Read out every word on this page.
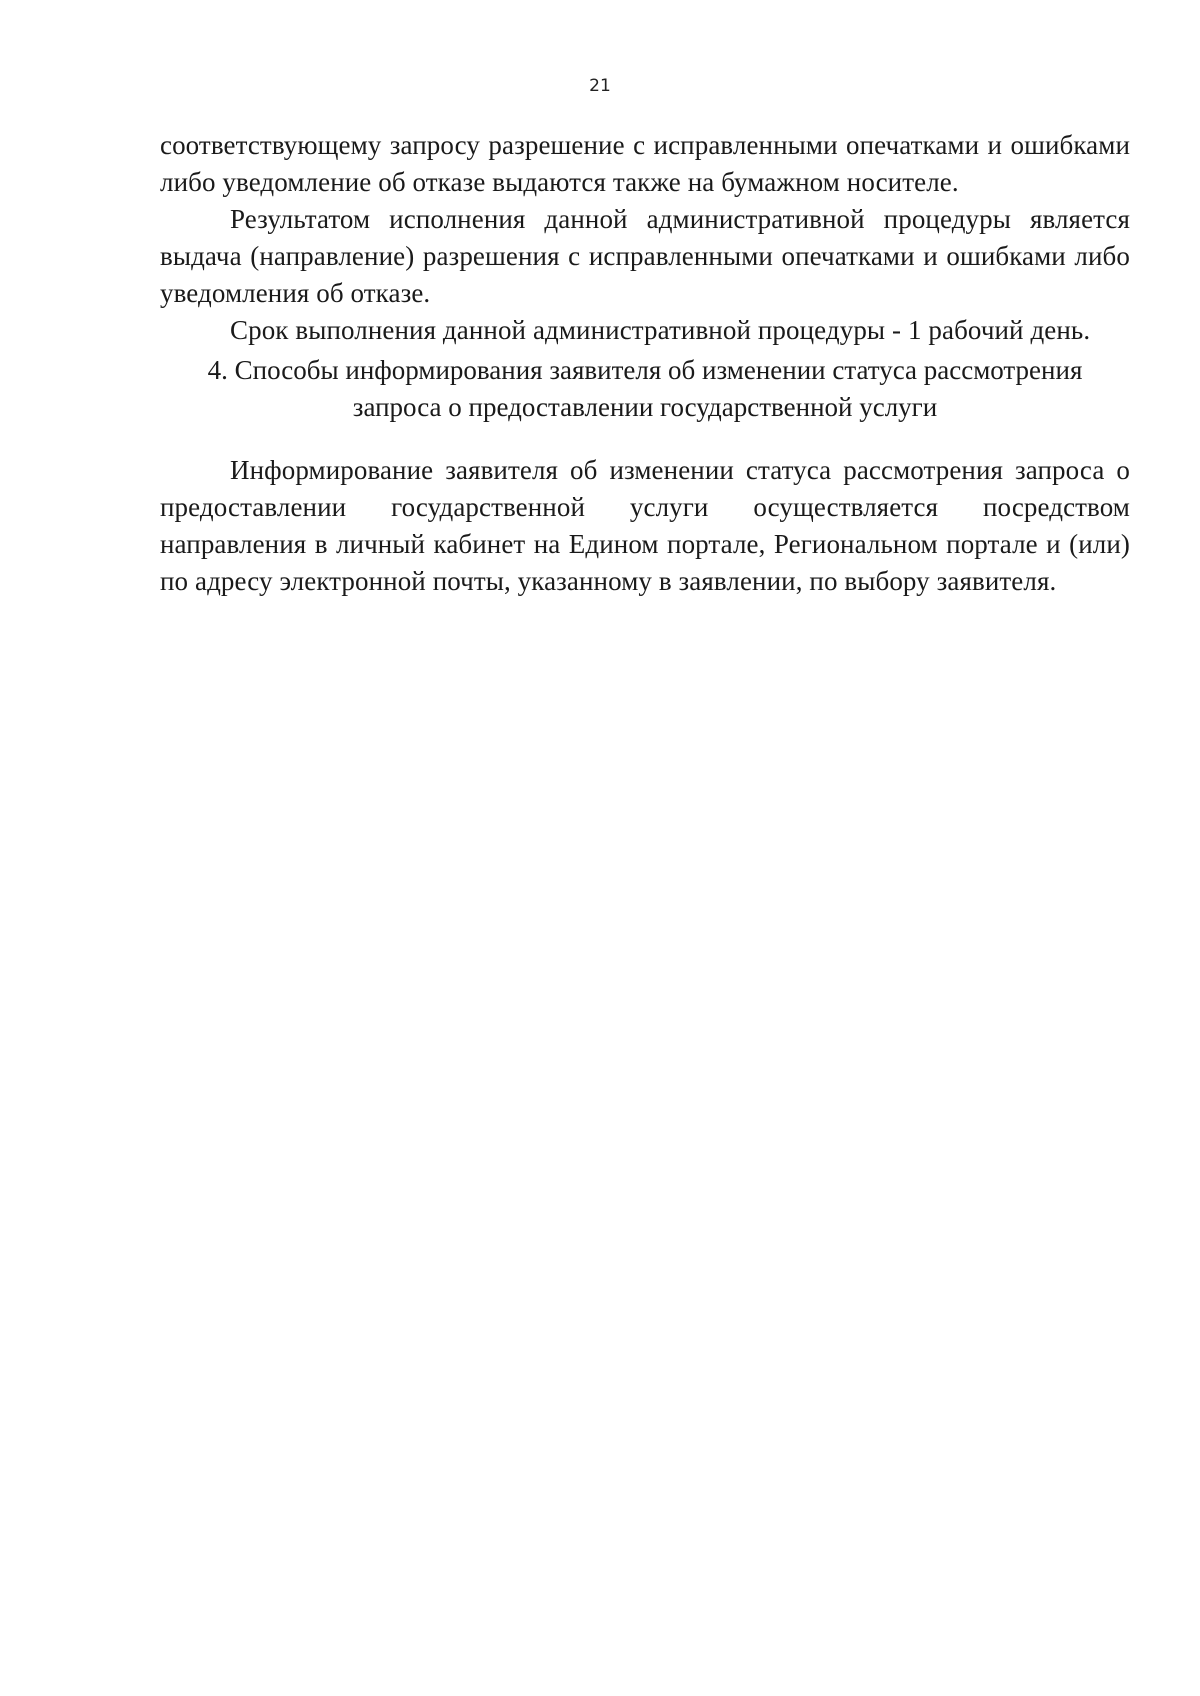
21

соответствующему запросу разрешение с исправленными опечатками и ошибками либо уведомление об отказе выдаются также на бумажном носителе.

Результатом исполнения данной административной процедуры является выдача (направление) разрешения с исправленными опечатками и ошибками либо уведомления об отказе.

Срок выполнения данной административной процедуры - 1 рабочий день.

4. Способы информирования заявителя об изменении статуса рассмотрения
запроса о предоставлении государственной услуги

Информирование заявителя об изменении статуса рассмотрения запроса о предоставлении государственной услуги осуществляется посредством направления в личный кабинет на Едином портале, Региональном портале и (или) по адресу электронной почты, указанному в заявлении, по выбору заявителя.
